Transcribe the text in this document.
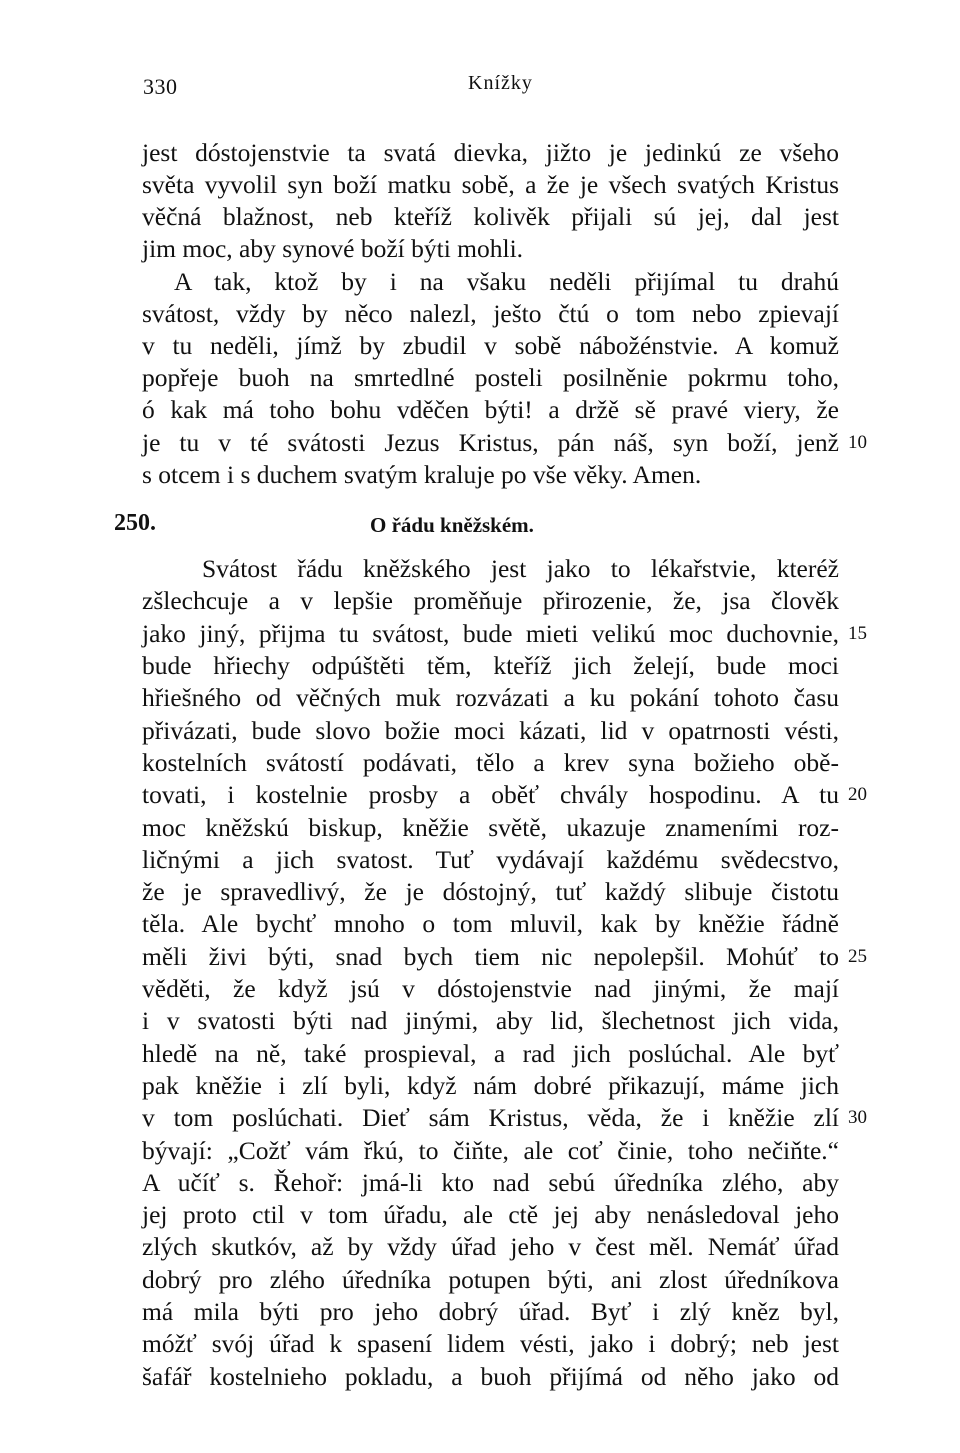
330	Knížky
jest dóstojenstvie ta svatá dievka, jižto je jedinkú ze všeho
světa vyvolil syn boží matku sobě, a že je všech svatých Kristus
věčná blažnost, neb kteříž kolivěk přijali sú jej, dal jest
jim moc, aby synové boží býti mohli.
A tak, ktož by i na všaku neděli přijímal tu drahú
svátost, vždy by něco nalezl, ješto čtú o tom nebo zpievají
v tu neděli, jímž by zbudil v sobě nábožénstvie. A komuž
popřeje buoh na smrtedlné posteli posilněnie pokrmu toho,
ó kak má toho bohu vděčen býti! a držě sě pravé viery, že
je tu v té svátosti Jezus Kristus, pán náš, syn boží, jenž
s otcem i s duchem svatým kraluje po vše věky. Amen.
10
250.	O řádu kněžském.
Svátost řádu kněžského jest jako to lékařstvie, kteréž
zšlechcuje a v lepšie proměňuje přirozenie, že, jsa člověk
jako jiný, přijma tu svátost, bude mieti velikú moc duchovnie,
bude hřiechy odpúštěti těm, kteříž jich želejí, bude moci
hřiešného od věčných muk rozvázati a ku pokání tohoto času
přivázati, bude slovo božie moci kázati, lid v opatrnosti vésti,
kostelních svátostí podávati, tělo a krev syna božieho obě-
tovati, i kostelnie prosby a oběť chvály hospodinu. A tu
moc kněžskú biskup, kněžie světě, ukazuje znameními roz-
ličnými a jich svatost. Tuť vydávají každému svědecstvo,
že je spravedlivý, že je dóstojný, tuť každý slibuje čistotu
těla. Ale bychť mnoho o tom mluvil, kak by kněžie řádně
měli živi býti, snad bych tiem nic nepolepšil. Mohúť to
věděti, že když jsú v dóstojenstvie nad jinými, že mají
i v svatosti býti nad jinými, aby lid, šlechetnost jich vida,
hledě na ně, také prospieval, a rad jich poslúchal. Ale byť
pak kněžie i zlí byli, když nám dobré přikazují, máme jich
v tom poslúchati. Dieť sám Kristus, věda, že i kněžie zlí
bývají: „Cožť vám řkú, to čiňte, ale coť činie, toho nečiňte.“
A učíť s. Řehoř: jmá-li kto nad sebú úředníka zlého, aby
jej proto ctil v tom úřadu, ale ctě jej aby nenásledoval jeho
zlých skutkóv, až by vždy úřad jeho v čest měl. Nemáť úřad
dobrý pro zlého úředníka potupen býti, ani zlost úředníkova
má mila býti pro jeho dobrý úřad. Byť i zlý kněz byl,
móžť svój úřad k spasení lidem vésti, jako i dobrý; neb jest
šafář kostelnieho pokladu, a buoh přijímá od něho jako od
15
20
25
30
